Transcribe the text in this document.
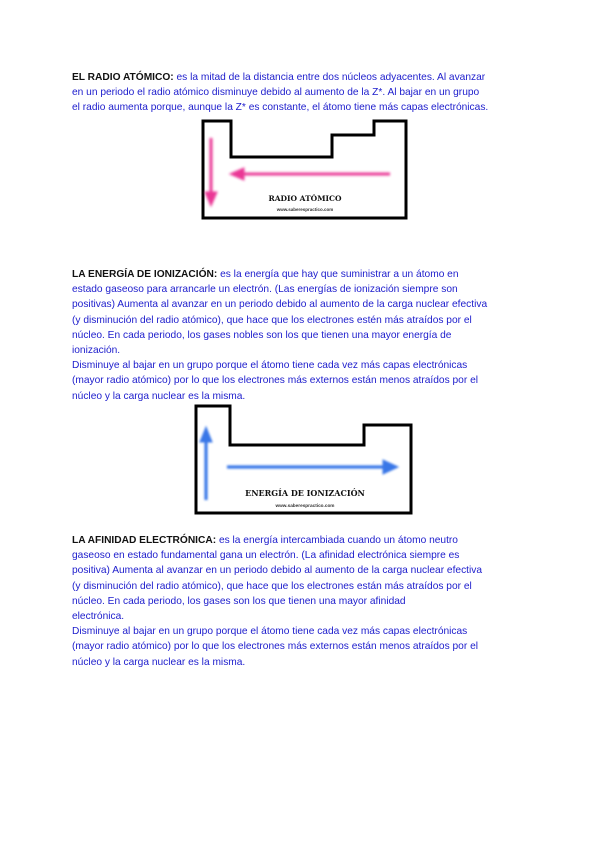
EL RADIO ATÓMICO: es la mitad de la distancia entre dos núcleos adyacentes. Al avanzar
en un periodo el radio atómico disminuye debido al aumento de la Z*. Al bajar en un grupo
el radio aumenta porque, aunque la Z* es constante, el átomo tiene más capas electrónicas.
RADIO ATÓMICO
www.saberespractico.com
LA ENERGÍA DE IONIZACIÓN: es la energía que hay que suministrar a un átomo en
estado gaseoso para arrancarle un electrón. (Las energías de ionización siempre son
positivas) Aumenta al avanzar en un periodo debido al aumento de la carga nuclear efectiva
(y disminución del radio atómico), que hace que los electrones estén más atraídos por el
núcleo. En cada periodo, los gases nobles son los que tienen una mayor energía de
ionización.
Disminuye al bajar en un grupo porque el átomo tiene cada vez más capas electrónicas
(mayor radio atómico) por lo que los electrones más externos están menos atraídos por el
núcleo y la carga nuclear es la misma.
ENERGÍA DE IONIZACIÓN
www.saberespractico.com
LA AFINIDAD ELECTRÓNICA: es la energía intercambiada cuando un átomo neutro
gaseoso en estado fundamental gana un electrón. (La afinidad electrónica siempre es
positiva) Aumenta al avanzar en un periodo debido al aumento de la carga nuclear efectiva
(y disminución del radio atómico), que hace que los electrones están más atraídos por el
núcleo. En cada periodo, los gases son los que tienen una mayor afinidad
electrónica.
Disminuye al bajar en un grupo porque el átomo tiene cada vez más capas electrónicas
(mayor radio atómico) por lo que los electrones más externos están menos atraídos por el
núcleo y la carga nuclear es la misma.
